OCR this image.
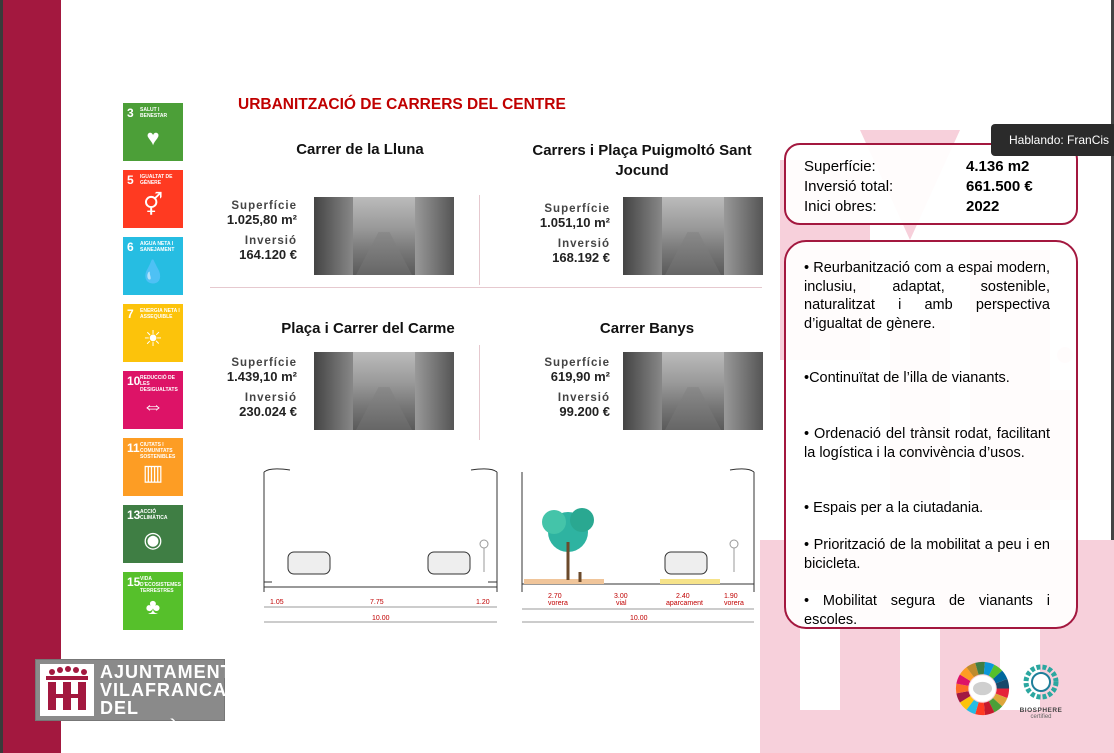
3 SALUT I BENESTAR
♥
5 IGUALTAT DE GÈNERE
⚥
6 AIGUA NETA I SANEJAMENT
💧
7 ENERGIA NETA I ASSEQUIBLE
☀
10 REDUCCIÓ DE LES DESIGUALTATS
⇔
11 CIUTATS I COMUNITATS SOSTENIBLES
▥
13 ACCIÓ CLIMÀTICA
◉
15 VIDA D'ECOSISTEMES TERRESTRES
♣
URBANITZACIÓ DE CARRERS DEL CENTRE
Carrer de la Lluna
Superfície
1.025,80 m²
Inversió
164.120 €
Carrers i Plaça Puigmoltó Sant Jocund
Superfície
1.051,10 m²
Inversió
168.192 €
Plaça i Carrer del Carme
Superfície
1.439,10 m²
Inversió
230.024 €
Carrer Banys
Superfície
619,90 m²
Inversió
99.200 €
1.05	7.75	1.20
10.00
2.70	3.00	2.40	1.90
vorera	vial	aparcament	vorera
10.00
Superfície:	4.136 m2
Inversió total:	661.500 €
Inici obres:	2022
• Reurbanització com a espai modern, inclusiu, adaptat, sostenible, naturalitzat i amb perspectiva d’igualtat de gènere.
•Continuïtat de l’illa de vianants.
• Ordenació del trànsit rodat, facilitant la logística i la convivència d’usos.
• Espais per a la ciutadania.
• Priorització de la mobilitat a peu i en bicicleta.
• Mobilitat segura de vianants i escoles.
Hablando: FranCis
AJUNTAMENT
VILAFRANCA
DEL PENEDÈS
BIOSPHERE
certified
